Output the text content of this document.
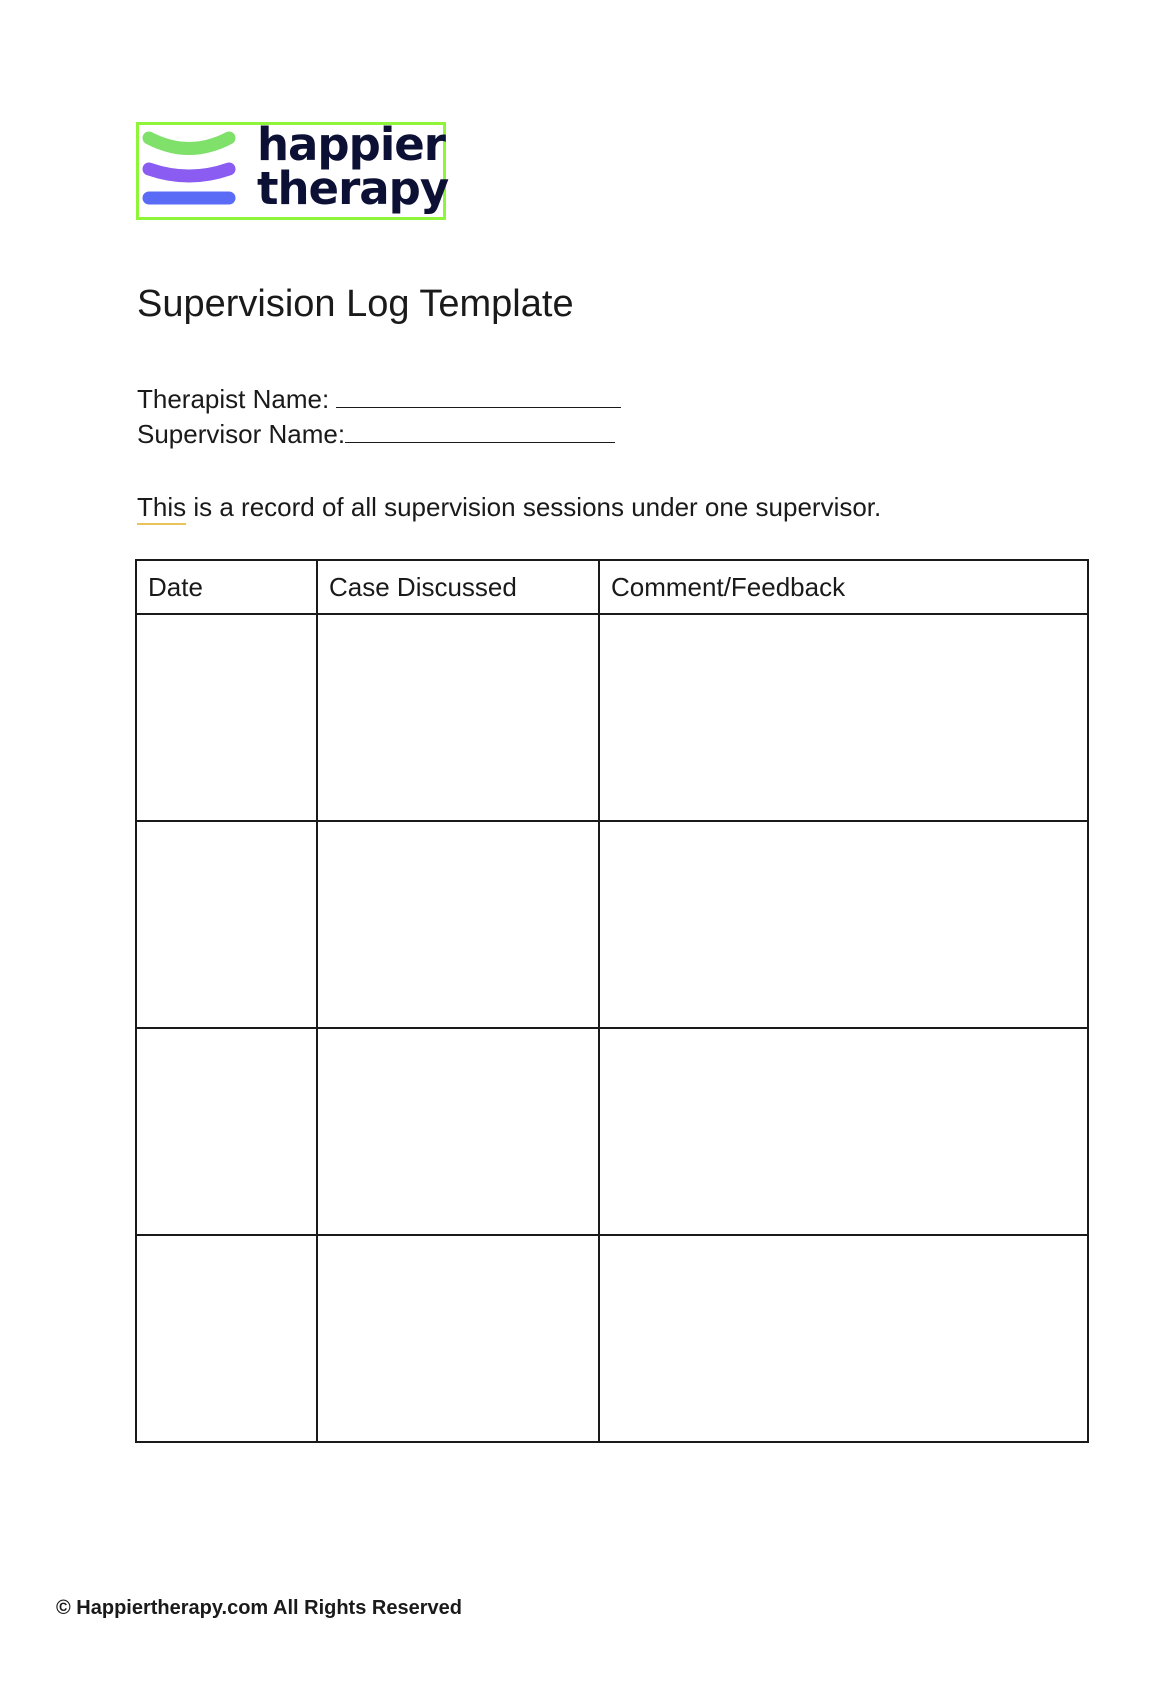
happier
therapy
Supervision Log Template
Therapist Name:
Supervisor Name:
This is a record of all supervision sessions under one supervisor.
Date	Case Discussed	Comment/Feedback

© Happiertherapy.com All Rights Reserved
